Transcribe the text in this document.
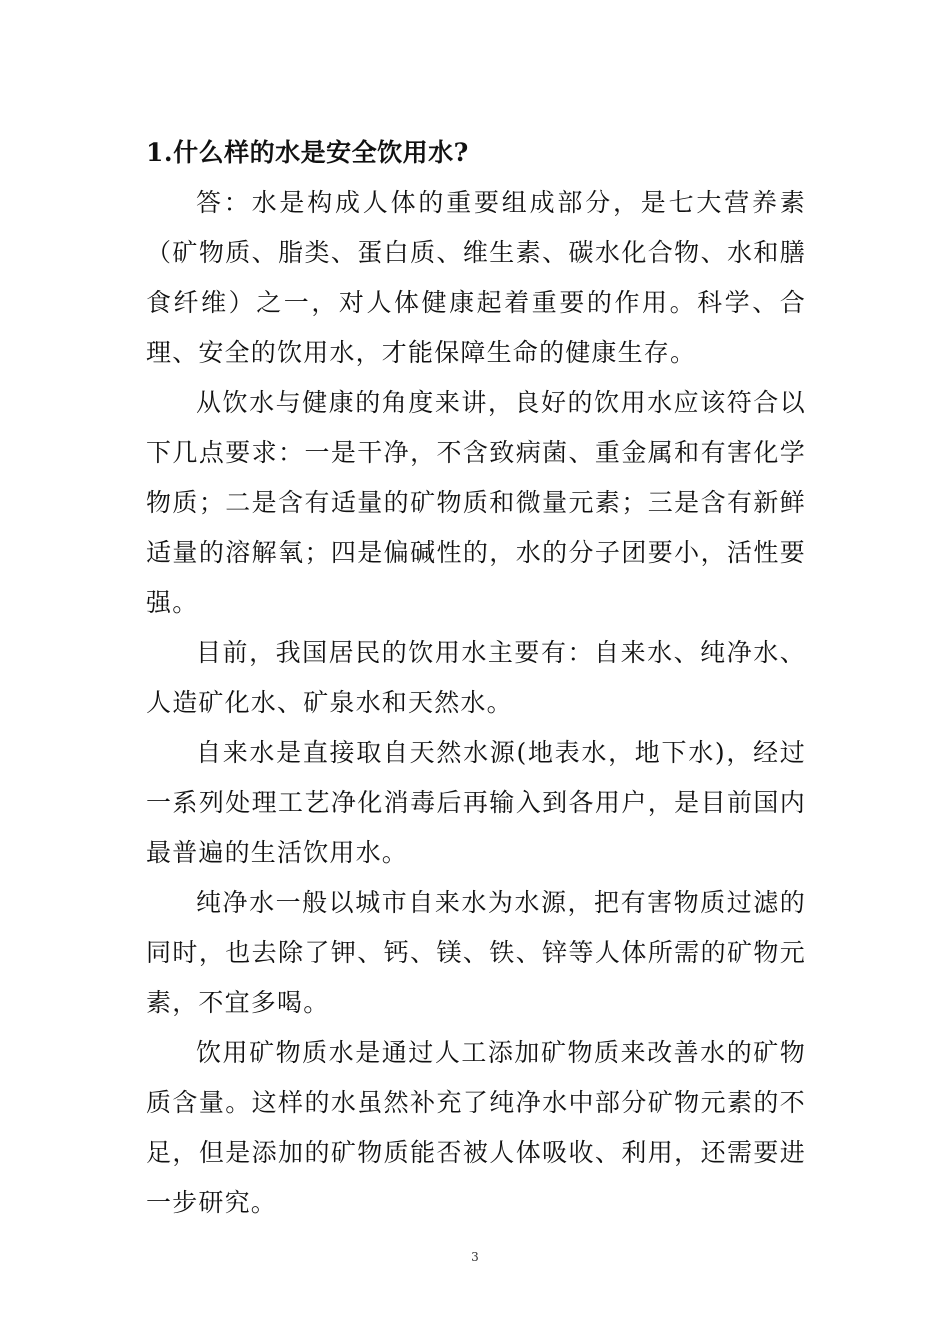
1.什么样的水是安全饮用水?

答：水是构成人体的重要组成部分，是七大营养素（矿物质、脂类、蛋白质、维生素、碳水化合物、水和膳食纤维）之一，对人体健康起着重要的作用。科学、合理、安全的饮用水，才能保障生命的健康生存。

从饮水与健康的角度来讲，良好的饮用水应该符合以下几点要求：一是干净，不含致病菌、重金属和有害化学物质；二是含有适量的矿物质和微量元素；三是含有新鲜适量的溶解氧；四是偏碱性的，水的分子团要小，活性要强。

目前，我国居民的饮用水主要有：自来水、纯净水、人造矿化水、矿泉水和天然水。

自来水是直接取自天然水源(地表水，地下水)，经过一系列处理工艺净化消毒后再输入到各用户，是目前国内最普遍的生活饮用水。

纯净水一般以城市自来水为水源，把有害物质过滤的同时，也去除了钾、钙、镁、铁、锌等人体所需的矿物元素，不宜多喝。

饮用矿物质水是通过人工添加矿物质来改善水的矿物质含量。这样的水虽然补充了纯净水中部分矿物元素的不足，但是添加的矿物质能否被人体吸收、利用，还需要进一步研究。

3
